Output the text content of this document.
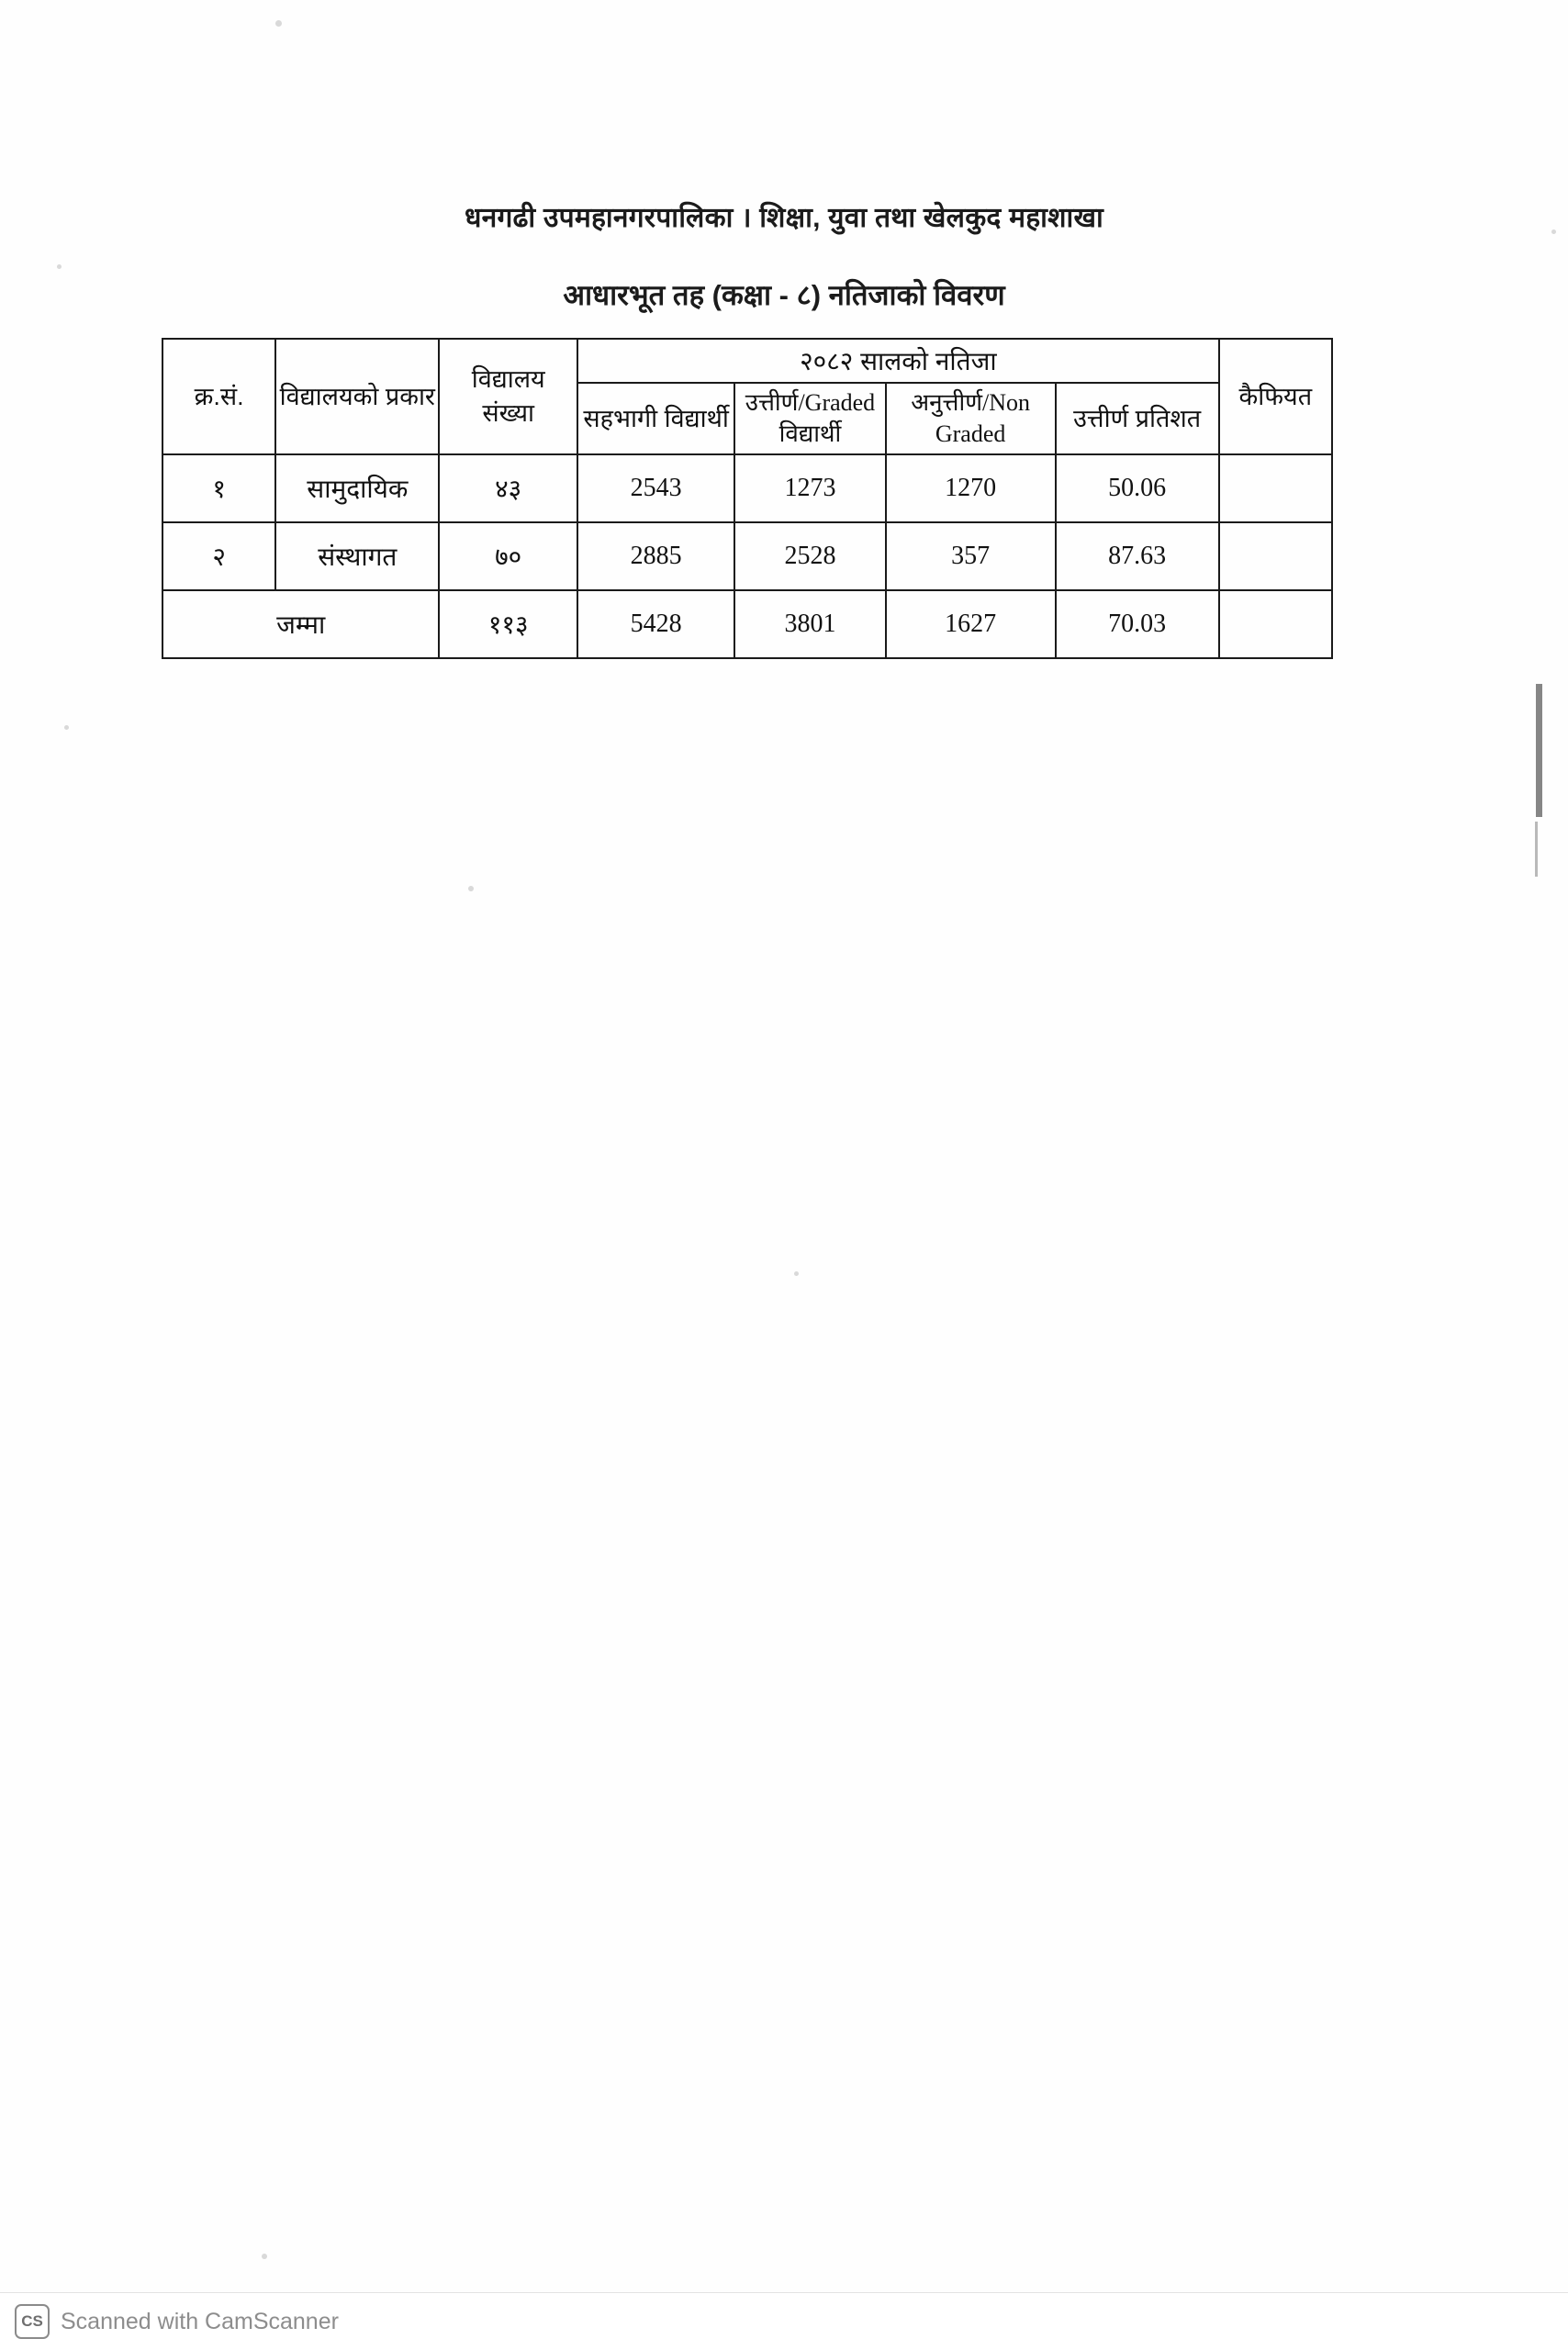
धनगढी उपमहानगरपालिका । शिक्षा, युवा तथा खेलकुद महाशाखा
आधारभूत तह (कक्षा - ८) नतिजाको विवरण
क्र.सं.	विद्यालयको प्रकार	विद्यालय संख्या	२०८२ सालको नतिजा				कैफियत
			सहभागी विद्यार्थी	उत्तीर्ण/Graded विद्यार्थी	अनुत्तीर्ण/Non Graded	उत्तीर्ण प्रतिशत	
१	सामुदायिक	४३	2543	1273	1270	50.06	
२	संस्थागत	७०	2885	2528	357	87.63	
जम्मा		११३	5428	3801	1627	70.03	
CS Scanned with CamScanner
